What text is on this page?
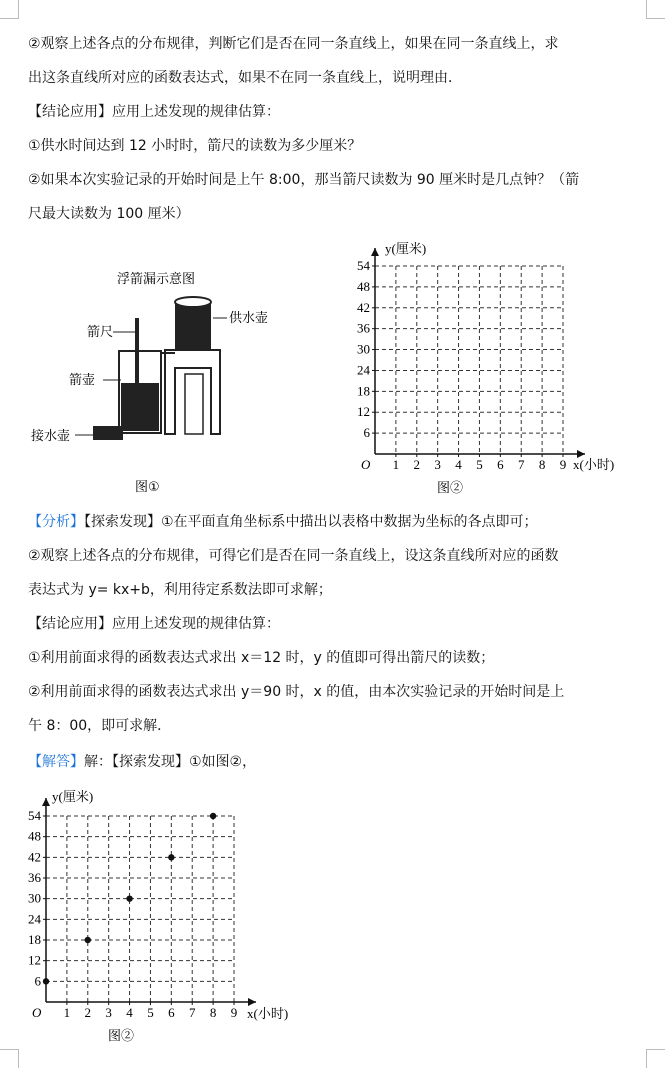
②观察上述各点的分布规律，判断它们是否在同一条直线上，如果在同一条直线上，求
出这条直线所对应的函数表达式，如果不在同一条直线上，说明理由．
【结论应用】应用上述发现的规律估算：
①供水时间达到 12 小时时，箭尺的读数为多少厘米？
②如果本次实验记录的开始时间是上午 8:00，那当箭尺读数为 90 厘米时是几点钟？（箭
尺最大读数为 100 厘米）
浮箭漏示意图
箭尺
供水壶
箭壶
接水壶
图①
54
48
42
36
30
24
18
12
6
1 2 3 4 5 6 7 8 9
y(厘米)
x(小时)
O
图②
【分析】【探索发现】①在平面直角坐标系中描出以表格中数据为坐标的各点即可；
②观察上述各点的分布规律，可得它们是否在同一条直线上，设这条直线所对应的函数
表达式为 y= kx+b，利用待定系数法即可求解；
【结论应用】应用上述发现的规律估算：
①利用前面求得的函数表达式求出 x＝12 时，y 的值即可得出箭尺的读数；
②利用前面求得的函数表达式求出 y＝90 时，x 的值，由本次实验记录的开始时间是上
午 8：00，即可求解．
【解答】解：【探索发现】①如图②，
54
48
42
36
30
24
18
12
6
1 2 3 4 5 6 7 8 9
y(厘米)
x(小时)
O
图②
